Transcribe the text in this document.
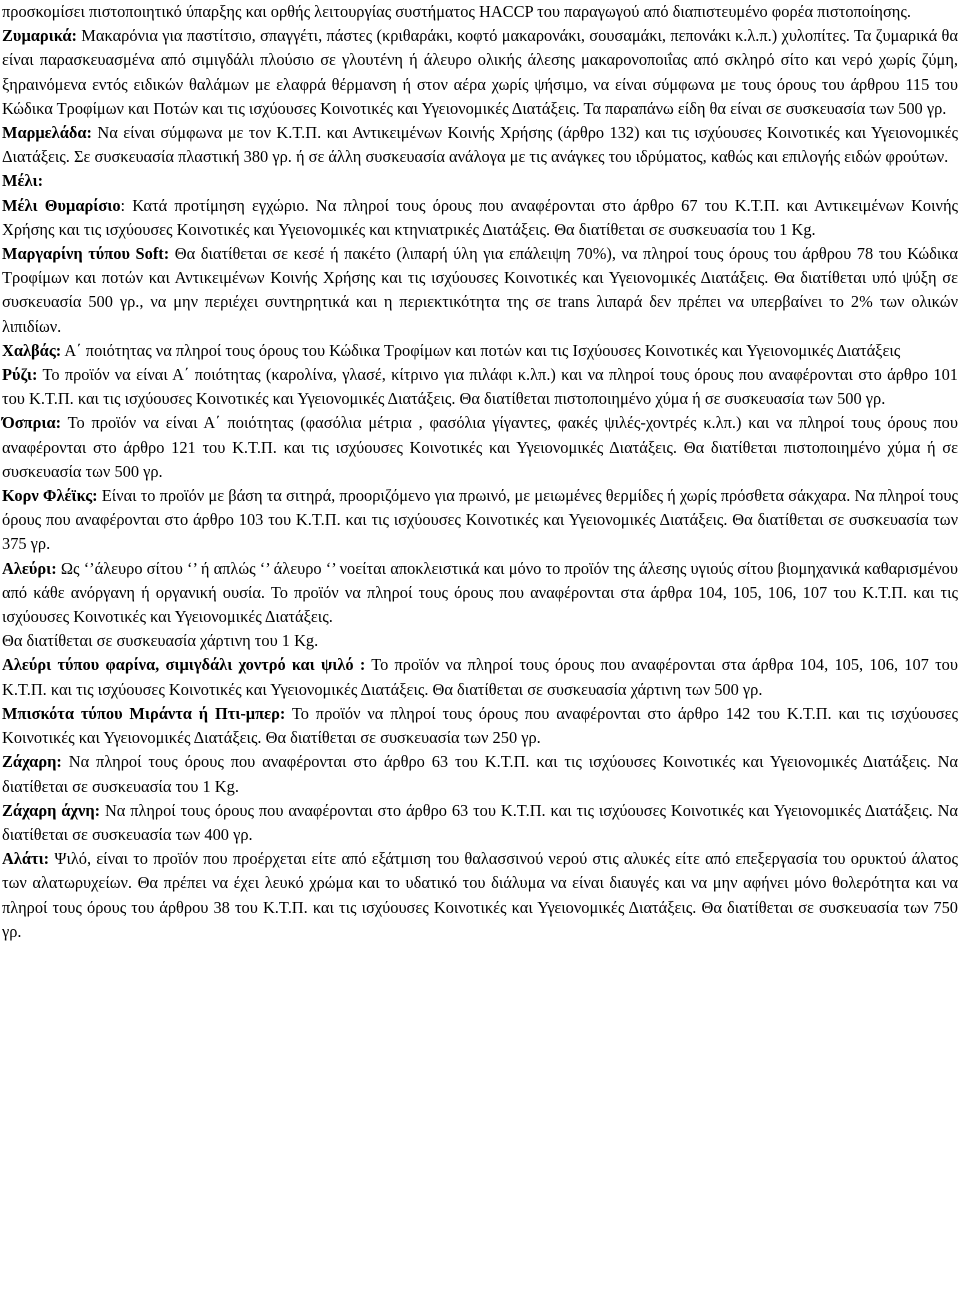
προσκομίσει πιστοποιητικό ύπαρξης και ορθής λειτουργίας συστήματος HACCP του παραγωγού από διαπιστευμένο φορέα πιστοποίησης.

Ζυμαρικά: Μακαρόνια για παστίτσιο, σπαγγέτι, πάστες (κριθαράκι, κοφτό μακαρονάκι, σουσαμάκι, πεπονάκι κ.λ.π.) χυλοπίτες. Τα ζυμαρικά θα είναι παρασκευασμένα από σιμιγδάλι πλούσιο σε γλουτένη ή άλευρο ολικής άλεσης μακαρονοποιΐας από σκληρό σίτο και νερό χωρίς ζύμη, ξηραινόμενα εντός ειδικών θαλάμων με ελαφρά θέρμανση ή στον αέρα χωρίς ψήσιμο, να είναι σύμφωνα με τους όρους του άρθρου 115 του Κώδικα Τροφίμων και Ποτών και τις ισχύουσες Κοινοτικές και Υγειονομικές Διατάξεις. Τα παραπάνω είδη θα είναι σε συσκευασία των 500 γρ.

Μαρμελάδα: Να είναι σύμφωνα με τον Κ.Τ.Π. και Αντικειμένων Κοινής Χρήσης (άρθρο 132) και τις ισχύουσες Κοινοτικές και Υγειονομικές Διατάξεις. Σε συσκευασία πλαστική 380 γρ. ή σε άλλη συσκευασία ανάλογα με τις ανάγκες του ιδρύματος, καθώς και επιλογής ειδών φρούτων.

Μέλι:

Μέλι Θυμαρίσιο: Κατά προτίμηση εγχώριο. Να πληροί τους όρους που αναφέρονται στο άρθρο 67 του Κ.Τ.Π. και Αντικειμένων Κοινής Χρήσης και τις ισχύουσες Κοινοτικές και Υγειονομικές και κτηνιατρικές Διατάξεις. Θα διατίθεται σε συσκευασία του 1 Kg.

Μαργαρίνη τύπου Soft: Θα διατίθεται σε κεσέ ή πακέτο (λιπαρή ύλη για επάλειψη 70%), να πληροί τους όρους του άρθρου 78 του Κώδικα Τροφίμων και ποτών και Αντικειμένων Κοινής Χρήσης και τις ισχύουσες Κοινοτικές και Υγειονομικές Διατάξεις. Θα διατίθεται υπό ψύξη σε συσκευασία 500 γρ., να μην περιέχει συντηρητικά και η περιεκτικότητα της σε trans λιπαρά δεν πρέπει να υπερβαίνει το 2% των ολικών λιπιδίων.

Χαλβάς: Α΄ ποιότητας να πληροί τους όρους του Κώδικα Τροφίμων και ποτών και τις Ισχύουσες Κοινοτικές και Υγειονομικές Διατάξεις

Ρύζι: Το προϊόν να είναι Α΄ ποιότητας (καρολίνα, γλασέ, κίτρινο για πιλάφι κ.λπ.) και να πληροί τους όρους που αναφέρονται στο άρθρο 101 του Κ.Τ.Π. και τις ισχύουσες Κοινοτικές και Υγειονομικές Διατάξεις. Θα διατίθεται πιστοποιημένο χύμα ή σε συσκευασία των 500 γρ.

Όσπρια: Το προϊόν να είναι Α΄ ποιότητας (φασόλια μέτρια , φασόλια γίγαντες, φακές ψιλές-χοντρές κ.λπ.) και να πληροί τους όρους που αναφέρονται στο άρθρο 121 του Κ.Τ.Π. και τις ισχύουσες Κοινοτικές και Υγειονομικές Διατάξεις. Θα διατίθεται πιστοποιημένο χύμα ή σε συσκευασία των 500 γρ.

Κορν Φλέϊκς: Είναι το προϊόν με βάση τα σιτηρά, προοριζόμενο για πρωινό, με μειωμένες θερμίδες ή χωρίς πρόσθετα σάκχαρα. Να πληροί τους όρους που αναφέρονται στο άρθρο 103 του Κ.Τ.Π. και τις ισχύουσες Κοινοτικές και Υγειονομικές Διατάξεις. Θα διατίθεται σε συσκευασία των 375 γρ.

Αλεύρι: Ως ‘’άλευρο σίτου ‘’ ή απλώς ‘’ άλευρο ‘’ νοείται αποκλειστικά και μόνο το προϊόν της άλεσης υγιούς σίτου βιομηχανικά καθαρισμένου από κάθε ανόργανη ή οργανική ουσία. Το προϊόν να πληροί τους όρους που αναφέρονται στα άρθρα 104, 105, 106, 107 του Κ.Τ.Π. και τις ισχύουσες Κοινοτικές και Υγειονομικές Διατάξεις.

Θα διατίθεται σε συσκευασία χάρτινη του 1 Kg.

Αλεύρι τύπου φαρίνα, σιμιγδάλι χοντρό και ψιλό : Το προϊόν να πληροί τους όρους που αναφέρονται στα άρθρα 104, 105, 106, 107 του Κ.Τ.Π. και τις ισχύουσες Κοινοτικές και Υγειονομικές Διατάξεις. Θα διατίθεται σε συσκευασία χάρτινη των 500 γρ.

Μπισκότα τύπου Μιράντα ή Πτι-μπερ: Το προϊόν να πληροί τους όρους που αναφέρονται στο άρθρο 142 του Κ.Τ.Π. και τις ισχύουσες Κοινοτικές και Υγειονομικές Διατάξεις. Θα διατίθεται σε συσκευασία των 250 γρ.

Ζάχαρη: Να πληροί τους όρους που αναφέρονται στο άρθρο 63 του Κ.Τ.Π. και τις ισχύουσες Κοινοτικές και Υγειονομικές Διατάξεις. Να διατίθεται σε συσκευασία του 1 Kg.

Ζάχαρη άχνη: Να πληροί τους όρους που αναφέρονται στο άρθρο 63 του Κ.Τ.Π. και τις ισχύουσες Κοινοτικές και Υγειονομικές Διατάξεις. Να διατίθεται σε συσκευασία των 400 γρ.

Αλάτι: Ψιλό, είναι το προϊόν που προέρχεται είτε από εξάτμιση του θαλασσινού νερού στις αλυκές είτε από επεξεργασία του ορυκτού άλατος των αλατωρυχείων. Θα πρέπει να έχει λευκό χρώμα και το υδατικό του διάλυμα να είναι διαυγές και να μην αφήνει μόνο θολερότητα και να πληροί τους όρους του άρθρου 38 του Κ.Τ.Π. και τις ισχύουσες Κοινοτικές και Υγειονομικές Διατάξεις. Θα διατίθεται σε συσκευασία των 750 γρ.
